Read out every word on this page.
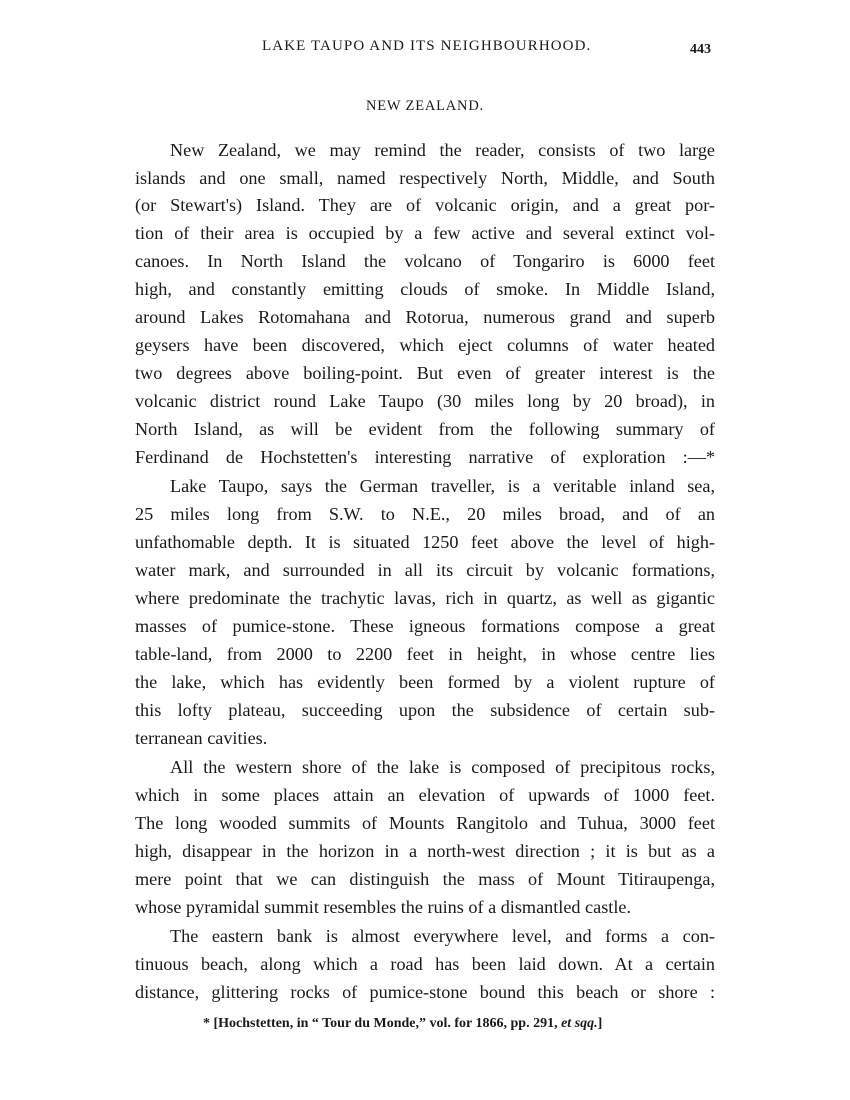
LAKE TAUPO AND ITS NEIGHBOURHOOD.	443
NEW ZEALAND.
New Zealand, we may remind the reader, consists of two large
islands and one small, named respectively North, Middle, and South
(or Stewart's) Island. They are of volcanic origin, and a great por-
tion of their area is occupied by a few active and several extinct vol-
canoes. In North Island the volcano of Tongariro is 6000 feet
high, and constantly emitting clouds of smoke. In Middle Island,
around Lakes Rotomahana and Rotorua, numerous grand and superb
geysers have been discovered, which eject columns of water heated
two degrees above boiling-point. But even of greater interest is the
volcanic district round Lake Taupo (30 miles long by 20 broad), in
North Island, as will be evident from the following summary of
Ferdinand de Hochstetten's interesting narrative of exploration :—*
Lake Taupo, says the German traveller, is a veritable inland sea,
25 miles long from S.W. to N.E., 20 miles broad, and of an
unfathomable depth. It is situated 1250 feet above the level of high-
water mark, and surrounded in all its circuit by volcanic formations,
where predominate the trachytic lavas, rich in quartz, as well as gigantic
masses of pumice-stone. These igneous formations compose a great
table-land, from 2000 to 2200 feet in height, in whose centre lies
the lake, which has evidently been formed by a violent rupture of
this lofty plateau, succeeding upon the subsidence of certain sub-
terranean cavities.
All the western shore of the lake is composed of precipitous rocks,
which in some places attain an elevation of upwards of 1000 feet.
The long wooded summits of Mounts Rangitolo and Tuhua, 3000 feet
high, disappear in the horizon in a north-west direction ; it is but as a
mere point that we can distinguish the mass of Mount Titiraupenga,
whose pyramidal summit resembles the ruins of a dismantled castle.
The eastern bank is almost everywhere level, and forms a con-
tinuous beach, along which a road has been laid down. At a certain
distance, glittering rocks of pumice-stone bound this beach or shore :
* [Hochstetten, in “ Tour du Monde,” vol. for 1866, pp. 291, et sqq.]
